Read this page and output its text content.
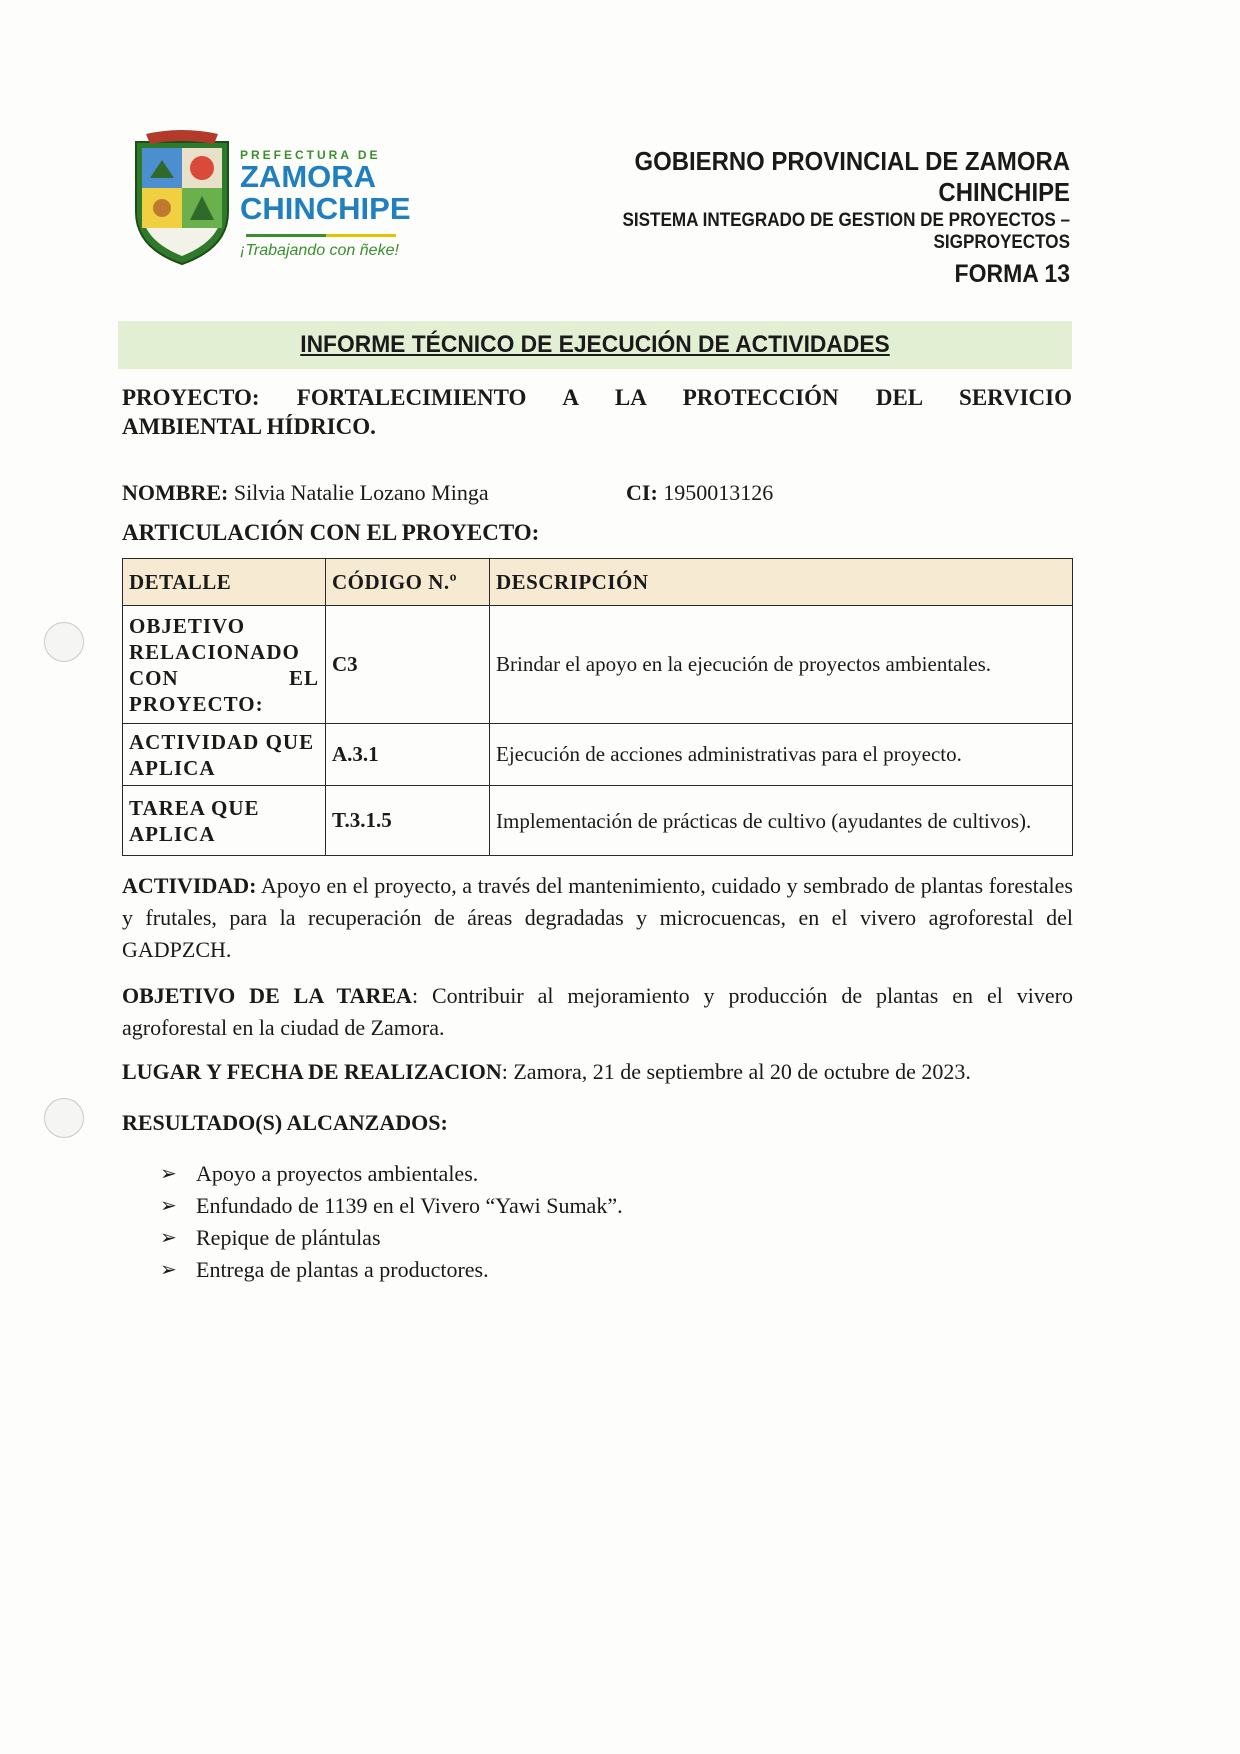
PREFECTURA DE
ZAMORA
CHINCHIPE
¡Trabajando con ñeke!
GOBIERNO PROVINCIAL DE ZAMORA CHINCHIPE
SISTEMA INTEGRADO DE GESTION DE PROYECTOS – SIGPROYECTOS
FORMA 13
INFORME TÉCNICO DE EJECUCIÓN DE ACTIVIDADES
PROYECTO: FORTALECIMIENTO A LA PROTECCIÓN DEL SERVICIO
AMBIENTAL HÍDRICO.
NOMBRE: Silvia Natalie Lozano Minga	CI: 1950013126
ARTICULACIÓN CON EL PROYECTO:
DETALLE	CÓDIGO N.º	DESCRIPCIÓN

OBJETIVO RELACIONADO CON EL PROYECTO:	C3	Brindar el apoyo en la ejecución de proyectos ambientales.
ACTIVIDAD QUE APLICA	A.3.1	Ejecución de acciones administrativas para el proyecto.
TAREA QUE APLICA	T.3.1.5	Implementación de prácticas de cultivo (ayudantes de cultivos).
ACTIVIDAD: Apoyo en el proyecto, a través del mantenimiento, cuidado y sembrado de plantas forestales y frutales, para la recuperación de áreas degradadas y microcuencas, en el vivero agroforestal del GADPZCH.
OBJETIVO DE LA TAREA: Contribuir al mejoramiento y producción de plantas en el vivero agroforestal en la ciudad de Zamora.
LUGAR Y FECHA DE REALIZACION: Zamora, 21 de septiembre al 20 de octubre de 2023.
RESULTADO(S) ALCANZADOS:
➢ Apoyo a proyectos ambientales.
➢ Enfundado de 1139 en el Vivero “Yawi Sumak”.
➢ Repique de plántulas
➢ Entrega de plantas a productores.
